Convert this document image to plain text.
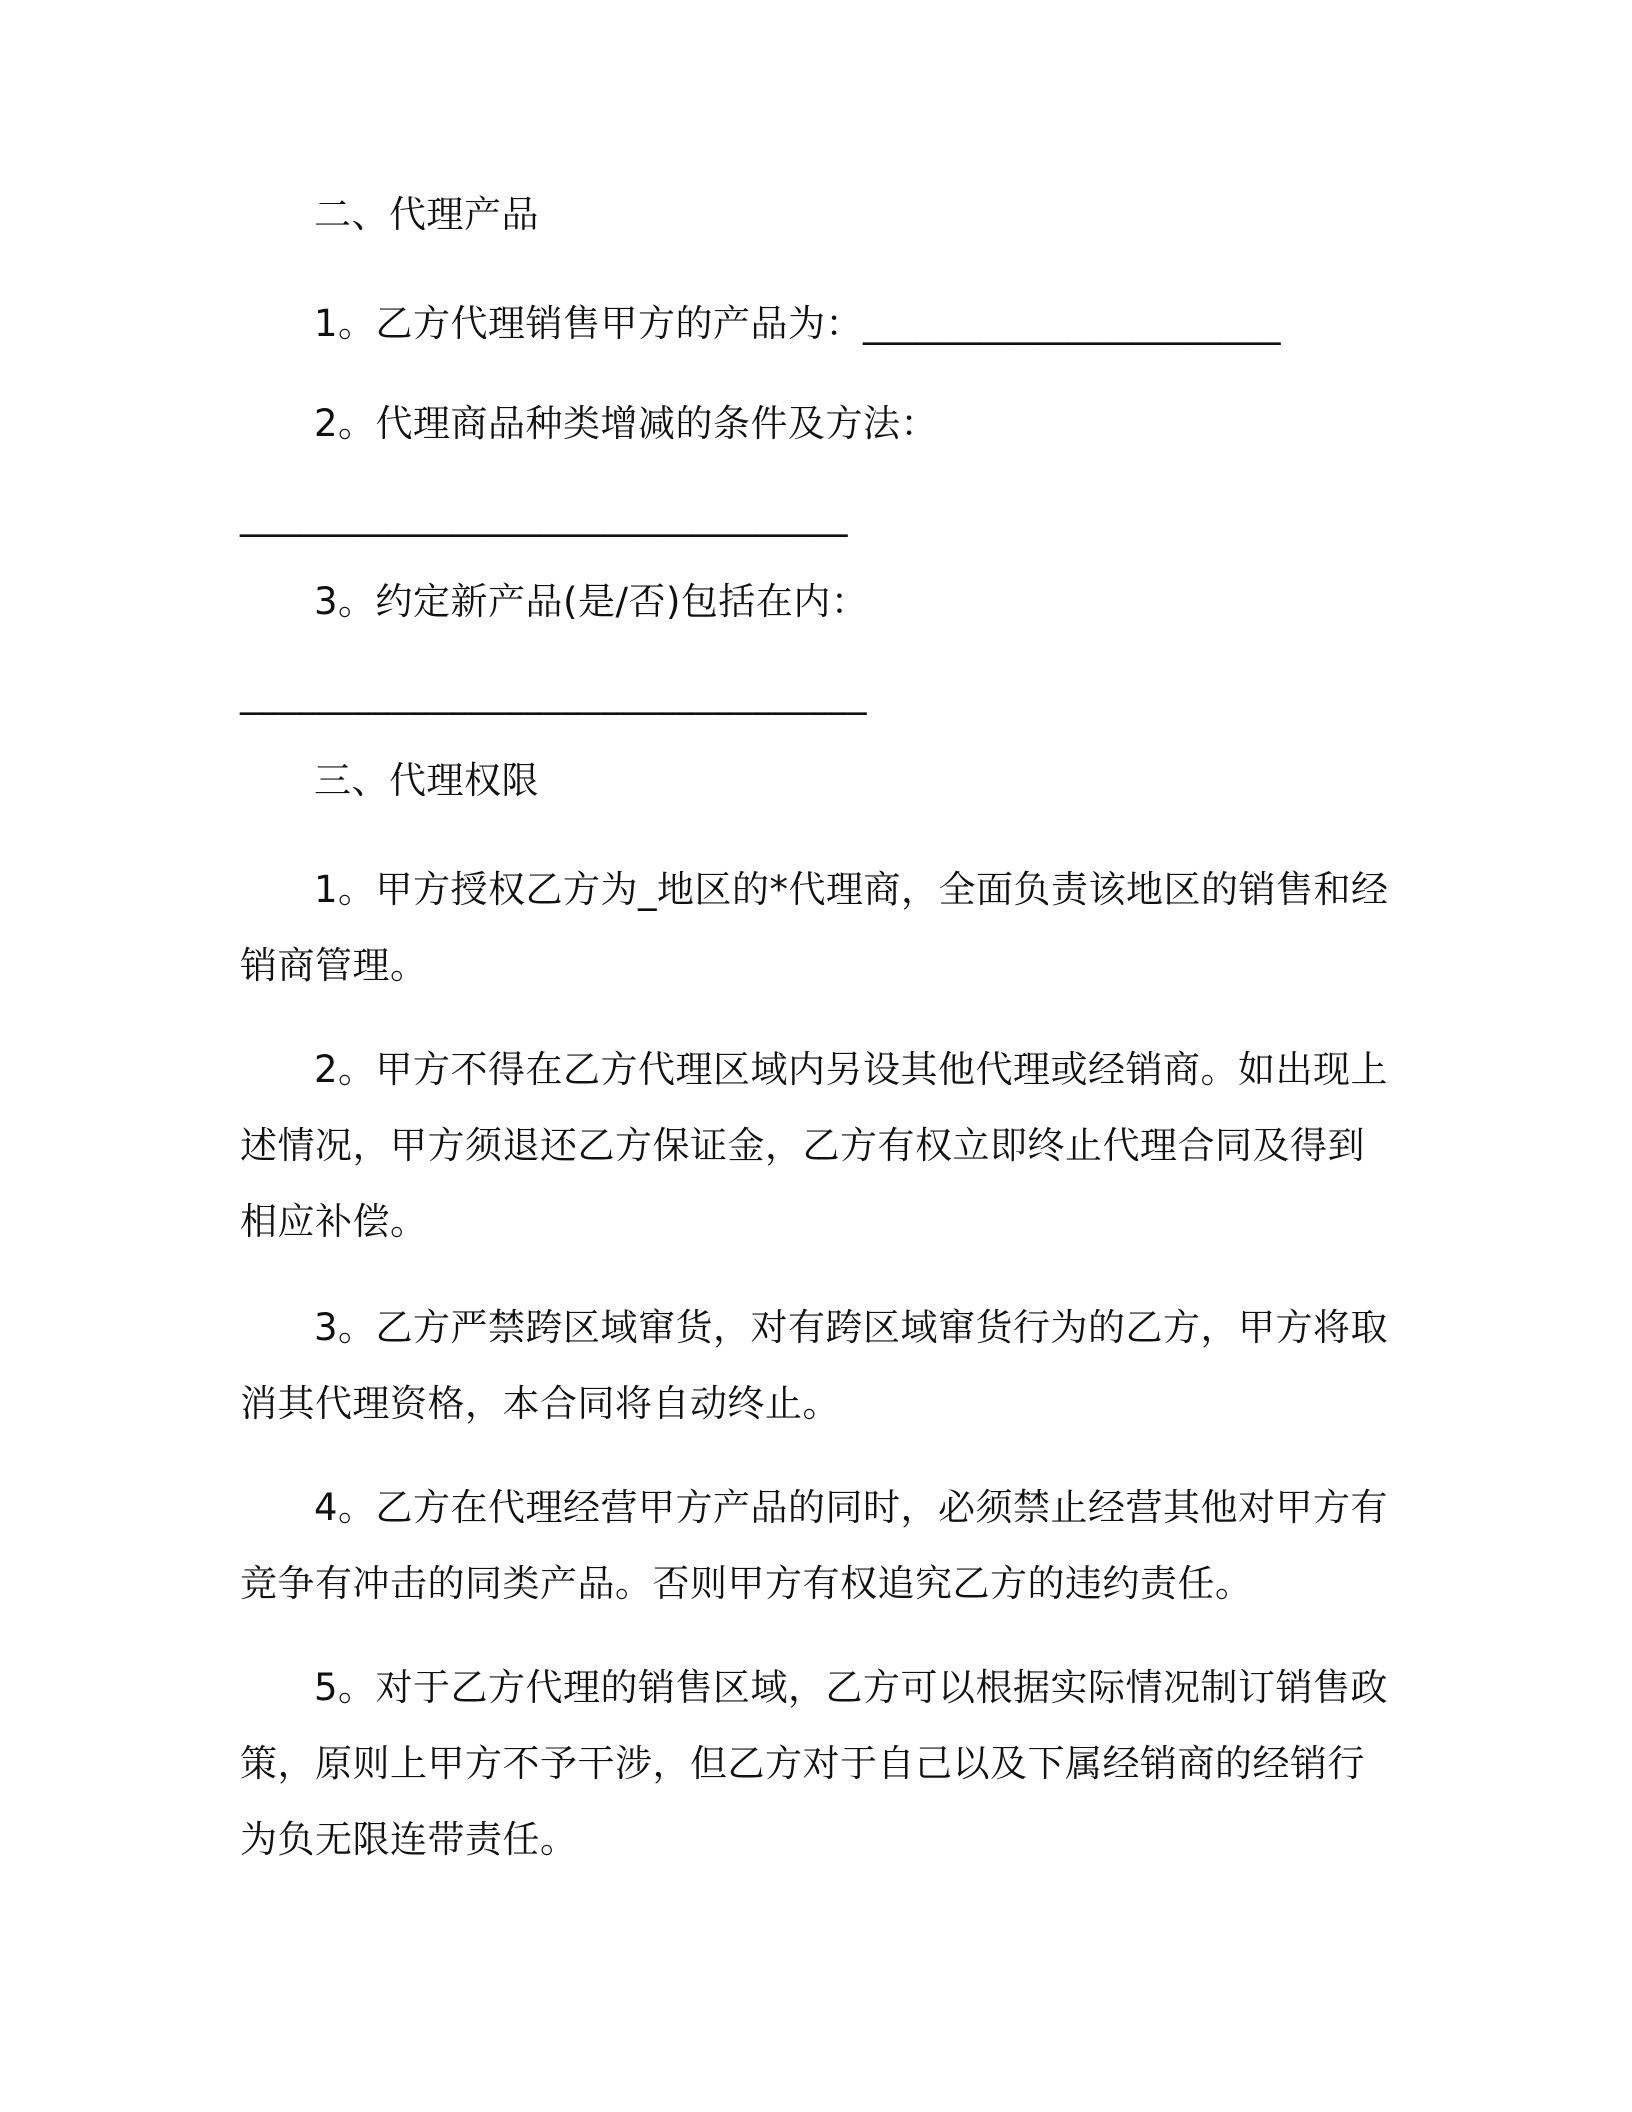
二、代理产品
1。乙方代理销售甲方的产品为：______________________
2。代理商品种类增减的条件及方法：
________________________________
3。约定新产品(是/否)包括在内：
_________________________________
三、代理权限
1。甲方授权乙方为_地区的*代理商，全面负责该地区的销售和经
销商管理。
2。甲方不得在乙方代理区域内另设其他代理或经销商。如出现上
述情况，甲方须退还乙方保证金，乙方有权立即终止代理合同及得到
相应补偿。
3。乙方严禁跨区域窜货，对有跨区域窜货行为的乙方，甲方将取
消其代理资格，本合同将自动终止。
4。乙方在代理经营甲方产品的同时，必须禁止经营其他对甲方有
竞争有冲击的同类产品。否则甲方有权追究乙方的违约责任。
5。对于乙方代理的销售区域，乙方可以根据实际情况制订销售政
策，原则上甲方不予干涉，但乙方对于自己以及下属经销商的经销行
为负无限连带责任。
